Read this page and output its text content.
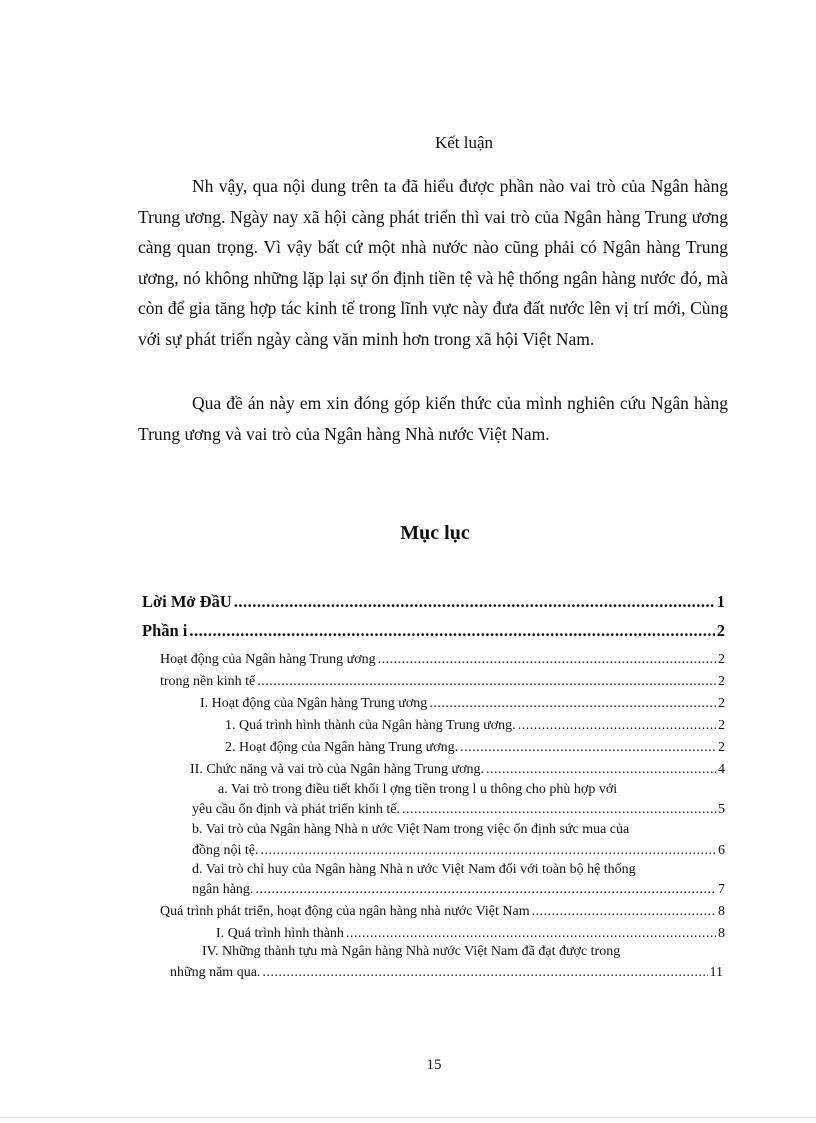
Kết luận

Nh vậy, qua nội dung trên ta đã hiểu được phần nào vai trò của Ngân hàng Trung ương. Ngày nay xã hội càng phát triển thì vai trò của Ngân hàng Trung ương càng quan trọng. Vì vậy bất cứ một nhà nước nào cũng phải có Ngân hàng Trung ương, nó không những lặp lại sự ổn định tiền tệ và hệ thống ngân hàng nước đó, mà còn để gia tăng hợp tác kinh tế trong lĩnh vực này đưa đất nước lên vị trí mới, Cùng với sự phát triển ngày càng văn minh hơn trong xã hội Việt Nam.

Qua đề án này em xin đóng góp kiến thức của mình nghiên cứu Ngân hàng Trung ương và vai trò của Ngân hàng Nhà nước Việt Nam.

Mục lục
Lời Mở ĐầU .....	1
Phần i .....	2
Hoạt động của Ngân hàng Trung ương .....	2
trong nền kinh tế .....	2
I. Hoạt động của Ngân hàng Trung ương .....	2
1. Quá trình hình thành của Ngân hàng Trung ương. .....	2
2. Hoạt động của Ngân hàng Trung ương. .....	2
II. Chức năng và vai trò của Ngân hàng Trung ương. .....	4
a. Vai trò trong điều tiết khối l ợng tiền trong l u thông cho phù hợp với
yêu cầu ổn định và phát triển kinh tế. .....	5
b. Vai trò của Ngân hàng Nhà n ước Việt Nam trong việc ổn định sức mua của
đồng nội tệ. .....	6
d. Vai trò chỉ huy của Ngân hàng Nhà n ước Việt Nam đối với toàn bộ hệ thống
ngân hàng. .....	7
Quá trình phát triển, hoạt động của ngân hàng nhà nước Việt Nam .....	8
I. Quá trình hình thành .....	8
IV. Những thành tựu mà Ngân hàng Nhà nước Việt Nam đã đạt được trong
những năm qua. .....	11
15
